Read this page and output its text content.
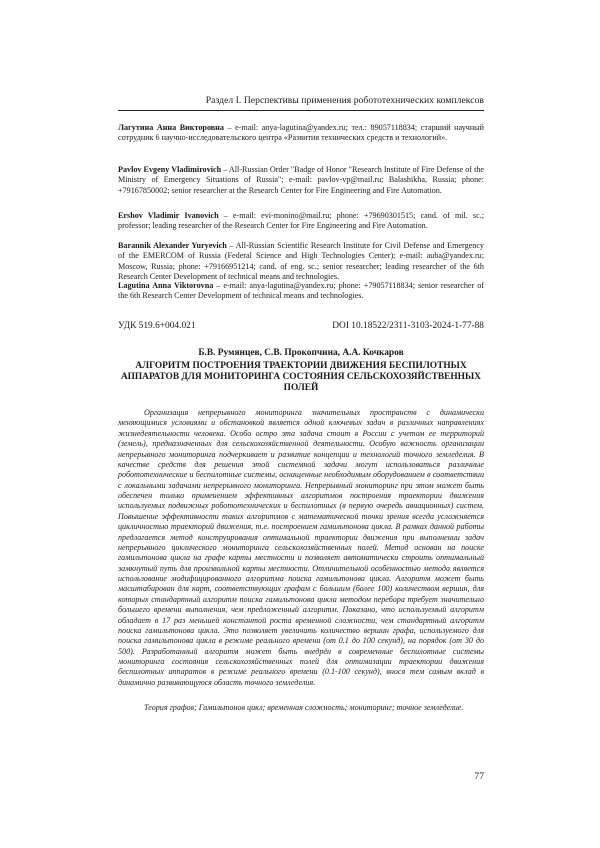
Раздел I. Перспективы применения робототехнических комплексов
Лагутина Анна Викторовна – e-mail: anya-lagutina@yandex.ru; тел.: 89057118834; старший научный сотрудник 6 научно-исследовательского центра «Развития технических средств и технологий».
Pavlov Evgeny Vladimirovich – All-Russian Order "Badge of Honor "Research Institute of Fire Defense of the Ministry of Emergency Situations of Russia"; e-mail: pavlov-vp@mail.ru; Balashikha, Russia; phone: +79167850002; senior researcher at the Research Center for Fire Engineering and Fire Automation.
Ershov Vladimir Ivanovich – e-mail: evi-monino@mail.ru; phone: +79690301515; cand. of mil. sc.; professor; leading researcher of the Research Center for Fire Engineering and Fire Automation.
Barannik Alexander Yuryevich – All-Russian Scientific Research Institute for Civil Defense and Emergency of the EMERCOM of Russia (Federal Science and High Technologies Center); e-mail: auba@yandex.ru; Moscow, Russia; phone: +79166951214; cand. of eng. sc.; senior researcher; leading researcher of the 6th Research Center Development of technical means and technologies.
Lagutina Anna Viktorovna – e-mail: anya-lagutina@yandex.ru; phone: +79057118834; senior researcher of the 6th Research Center Development of technical means and technologies.
УДК 519.6+004.021	DOI 10.18522/2311-3103-2024-1-77-88
Б.В. Румянцев, С.В. Прокопчина, А.А. Кочкаров
АЛГОРИТМ ПОСТРОЕНИЯ ТРАЕКТОРИИ ДВИЖЕНИЯ БЕСПИЛОТНЫХ АППАРАТОВ ДЛЯ МОНИТОРИНГА СОСТОЯНИЯ СЕЛЬСКОХОЗЯЙСТВЕННЫХ ПОЛЕЙ

Организация непрерывного мониторинга значительных пространств с динамически меняющимися условиями и обстановкой является одной ключевых задач в различных направлениях жизнедеятельности человека. Особо остро эта задача стоит в России с учетом ее территорий (земель), предназначенных для сельскохозяйственной деятельности. Особую важность организации непрерывного мониторинга подчеркивает и развитие концепции и технологий точного земледелия. В качестве средств для решения этой системной задачи могут использоваться различные робототехнические и беспилотные системы, оснащенные необходимым оборудованием в соответствии с локальными задачами непрерывного мониторинга. Непрерывный мониторинг при этом может быть обеспечен только применением эффективных алгоритмов построения траектории движения используемых подвижных робототехнических и беспилотных (в первую очередь авиационных) систем. Повышение эффективности таких алгоритмов с математической точки зрения всегда усложняется цикличностью траекторий движения, т.е. построением гамильтонова цикла. В рамках данной работы предлагается метод конструирования оптимальной траектории движения при выполнении задач непрерывного циклического мониторинга сельскохозяйственных полей. Метод основан на поиске гамильтонова цикла на графе карты местности и позволяет автоматически строить оптимальный замкнутый путь для произвольной карты местности. Отличительной особенностью метода является использование модифицированного алгоритма поиска гамильтонова цикла. Алгоритм может быть масштабирован для карт, соответствующих графам с большим (более 100) количеством вершин, для которых стандартный алгоритм поиска гамильтонова цикла методом перебора требует значительно большего времени выполнения, чем предложенный алгоритм. Показано, что используемый алгоритм обладает в 17 раз меньшей константой роста временной сложности, чем стандартный алгоритм поиска гамильтонова цикла. Это позволяет увеличить количество вершин графа, используемого для поиска гамильтонова цикла в режиме реального времени (от 0.1 до 100 секунд), на порядок (от 30 до 500). Разработанный алгоритм может быть внедрён в современные беспилотные системы мониторинга состояния сельскохозяйственных полей для оптимизации траектории движения беспилотных аппаратов в режиме реального времени (0.1-100 секунд), внося тем самым вклад в динамично развивающуюся область точного земледелия.

Теория графов; Гамильтонов цикл; временная сложность; мониторинг; точное земледелие.

77
